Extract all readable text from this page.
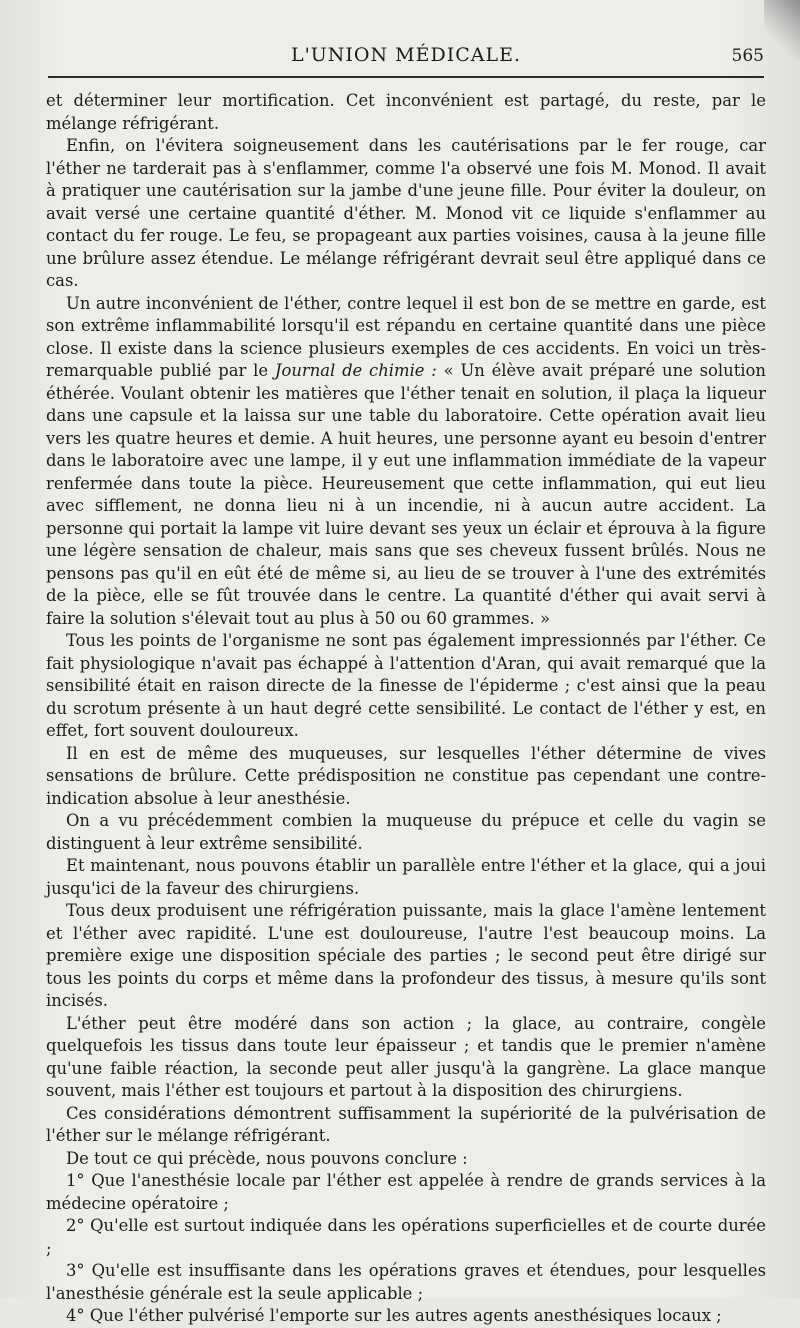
L'UNION MÉDICALE.	565

et déterminer leur mortification. Cet inconvénient est partagé, du reste, par le mélange réfrigérant.

Enfin, on l'évitera soigneusement dans les cautérisations par le fer rouge, car l'éther ne tarderait pas à s'enflammer, comme l'a observé une fois M. Monod. Il avait à pratiquer une cautérisation sur la jambe d'une jeune fille. Pour éviter la douleur, on avait versé une certaine quantité d'éther. M. Monod vit ce liquide s'enflammer au contact du fer rouge. Le feu, se propageant aux parties voisines, causa à la jeune fille une brûlure assez étendue. Le mélange réfrigérant devrait seul être appliqué dans ce cas.

Un autre inconvénient de l'éther, contre lequel il est bon de se mettre en garde, est son extrême inflammabilité lorsqu'il est répandu en certaine quantité dans une pièce close. Il existe dans la science plusieurs exemples de ces accidents. En voici un très-remarquable publié par le Journal de chimie : « Un élève avait préparé une solution éthérée. Voulant obtenir les matières que l'éther tenait en solution, il plaça la liqueur dans une capsule et la laissa sur une table du laboratoire. Cette opération avait lieu vers les quatre heures et demie. A huit heures, une personne ayant eu besoin d'entrer dans le laboratoire avec une lampe, il y eut une inflammation immédiate de la vapeur renfermée dans toute la pièce. Heureusement que cette inflammation, qui eut lieu avec sifflement, ne donna lieu ni à un incendie, ni à aucun autre accident. La personne qui portait la lampe vit luire devant ses yeux un éclair et éprouva à la figure une légère sensation de chaleur, mais sans que ses cheveux fussent brûlés. Nous ne pensons pas qu'il en eût été de même si, au lieu de se trouver à l'une des extrémités de la pièce, elle se fût trouvée dans le centre. La quantité d'éther qui avait servi à faire la solution s'élevait tout au plus à 50 ou 60 grammes. »

Tous les points de l'organisme ne sont pas également impressionnés par l'éther. Ce fait physiologique n'avait pas échappé à l'attention d'Aran, qui avait remarqué que la sensibilité était en raison directe de la finesse de l'épiderme ; c'est ainsi que la peau du scrotum présente à un haut degré cette sensibilité. Le contact de l'éther y est, en effet, fort souvent douloureux.

Il en est de même des muqueuses, sur lesquelles l'éther détermine de vives sensations de brûlure. Cette prédisposition ne constitue pas cependant une contre-indication absolue à leur anesthésie.

On a vu précédemment combien la muqueuse du prépuce et celle du vagin se distinguent à leur extrême sensibilité.

Et maintenant, nous pouvons établir un parallèle entre l'éther et la glace, qui a joui jusqu'ici de la faveur des chirurgiens.

Tous deux produisent une réfrigération puissante, mais la glace l'amène lentement et l'éther avec rapidité. L'une est douloureuse, l'autre l'est beaucoup moins. La première exige une disposition spéciale des parties ; le second peut être dirigé sur tous les points du corps et même dans la profondeur des tissus, à mesure qu'ils sont incisés.

L'éther peut être modéré dans son action ; la glace, au contraire, congèle quelquefois les tissus dans toute leur épaisseur ; et tandis que le premier n'amène qu'une faible réaction, la seconde peut aller jusqu'à la gangrène. La glace manque souvent, mais l'éther est toujours et partout à la disposition des chirurgiens.

Ces considérations démontrent suffisamment la supériorité de la pulvérisation de l'éther sur le mélange réfrigérant.

De tout ce qui précède, nous pouvons conclure :

1° Que l'anesthésie locale par l'éther est appelée à rendre de grands services à la médecine opératoire ;

2° Qu'elle est surtout indiquée dans les opérations superficielles et de courte durée ;

3° Qu'elle est insuffisante dans les opérations graves et étendues, pour lesquelles l'anesthésie générale est la seule applicable ;

4° Que l'éther pulvérisé l'emporte sur les autres agents anesthésiques locaux ;
